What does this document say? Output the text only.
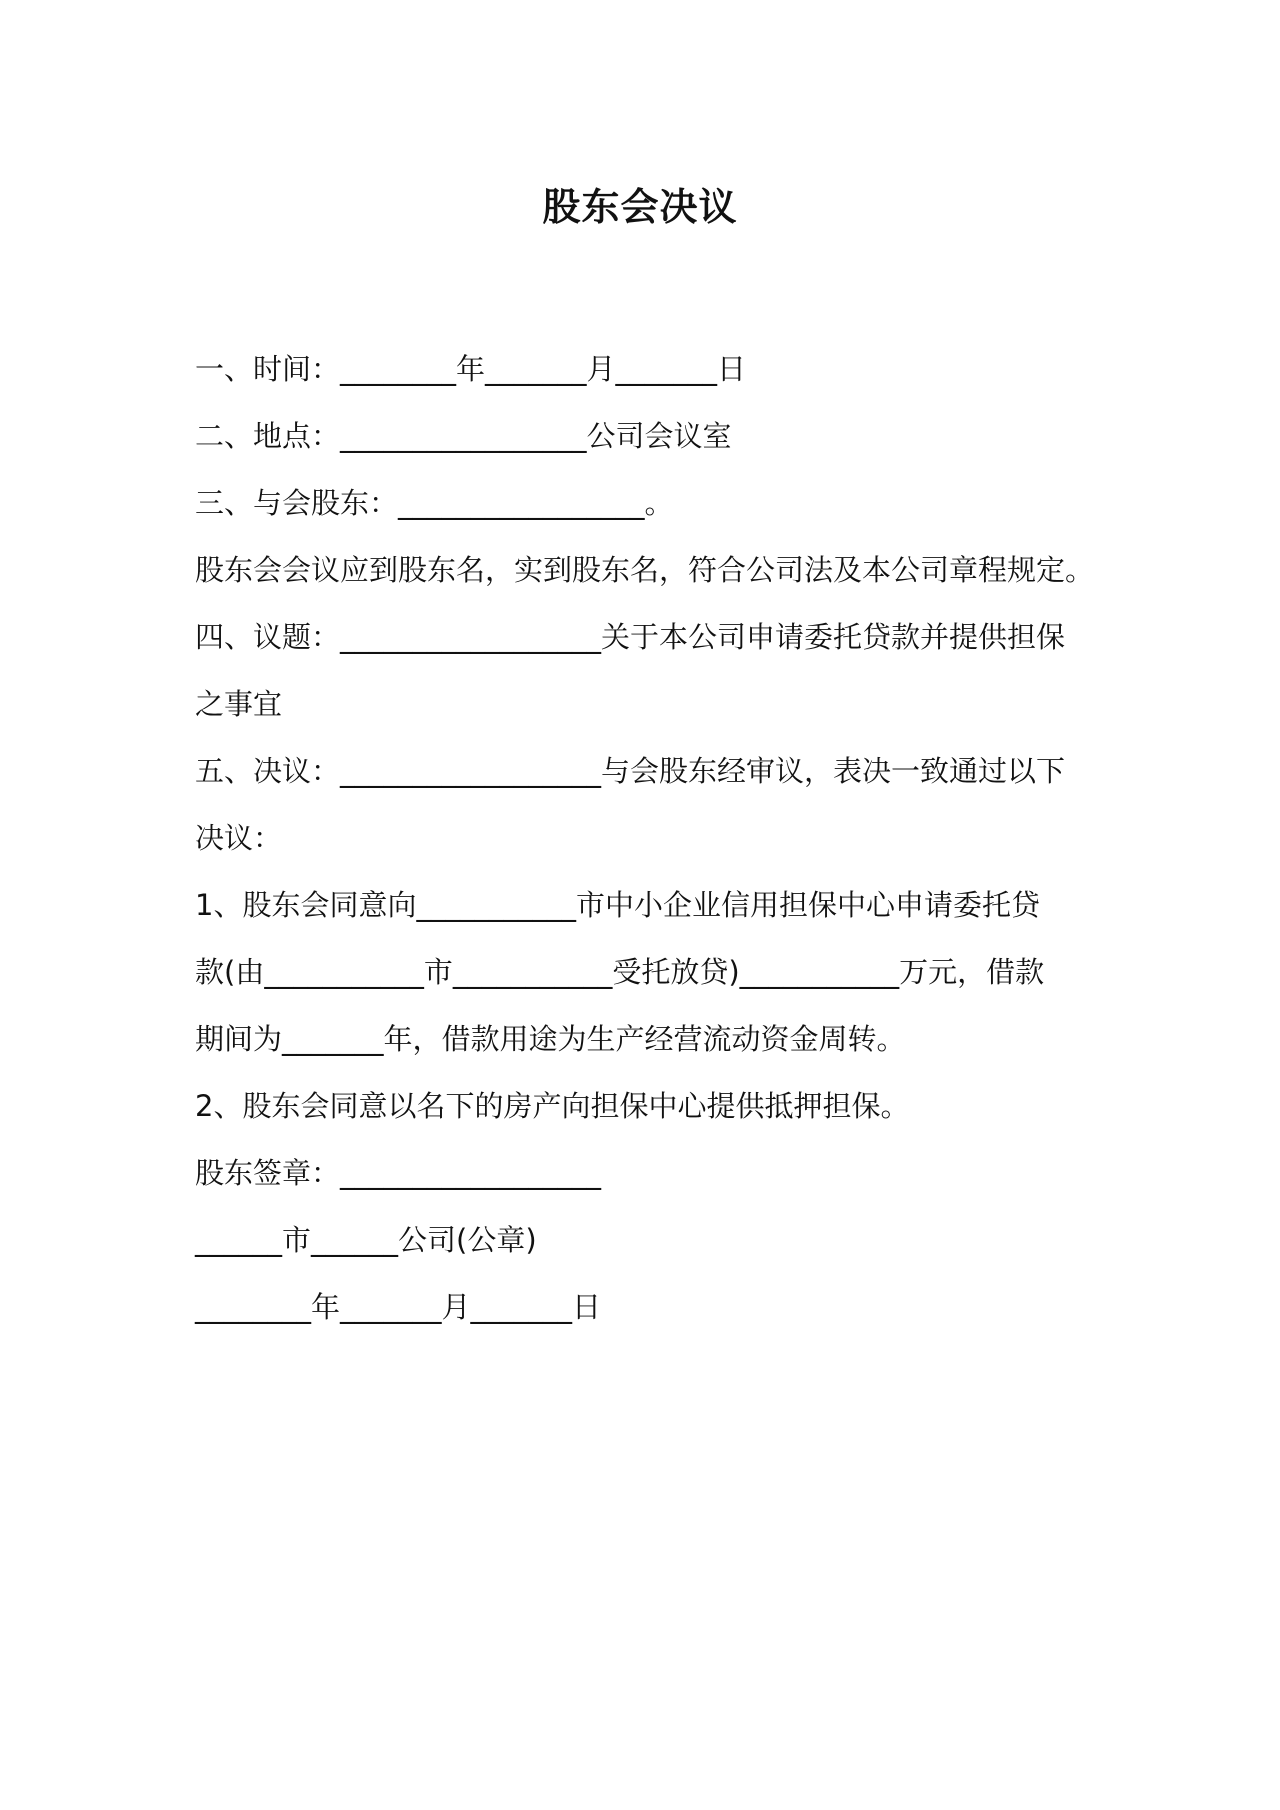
股东会决议
一、时间：________年_______月_______日
二、地点：_________________公司会议室
三、与会股东：_________________。
股东会会议应到股东名，实到股东名，符合公司法及本公司章程规定。
四、议题：__________________关于本公司申请委托贷款并提供担保
之事宜
五、决议：__________________与会股东经审议，表决一致通过以下
决议：
1、股东会同意向___________市中小企业信用担保中心申请委托贷
款(由___________市___________受托放贷)___________万元，借款
期间为_______年，借款用途为生产经营流动资金周转。
2、股东会同意以名下的房产向担保中心提供抵押担保。
股东签章：__________________
______市______公司(公章)
________年_______月_______日
